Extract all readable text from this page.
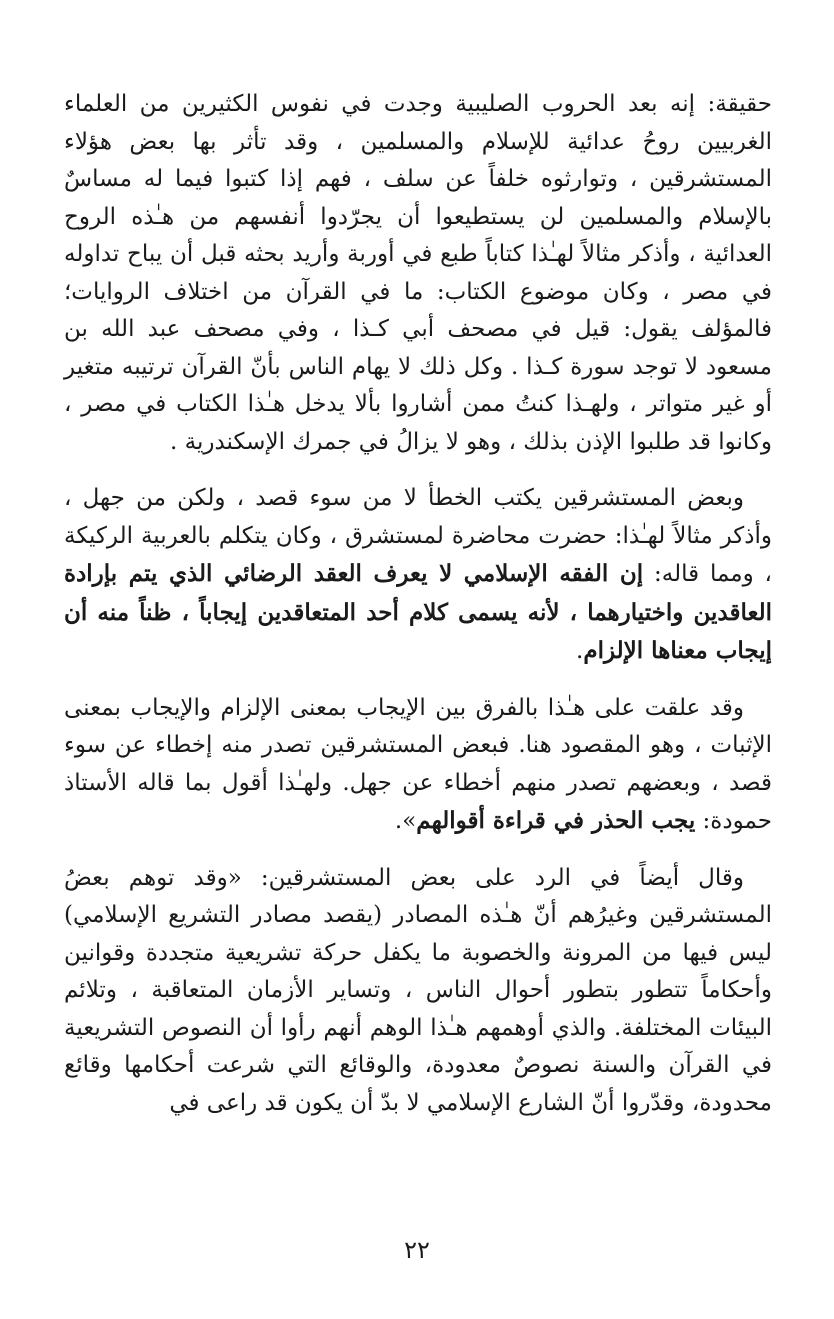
حقيقة: إنه بعد الحروب الصليبية وجدت في نفوس الكثيرين من العلماء الغربيين روحُ عدائية للإسلام والمسلمين ، وقد تأثر بها بعض هؤلاء المستشرقين ، وتوارثوه خلفاً عن سلف ، فهم إذا كتبوا فيما له مساسٌ بالإسلام والمسلمين لن يستطيعوا أن يجرّدوا أنفسهم من هـٰذه الروح العدائية ، وأذكر مثالاً لهـٰذا كتاباً طبع في أوربة وأريد بحثه قبل أن يباح تداوله في مصر ، وكان موضوع الكتاب: ما في القرآن من اختلاف الروايات؛ فالمؤلف يقول: قيل في مصحف أبي كـذا ، وفي مصحف عبد الله بن مسعود لا توجد سورة كـذا . وكل ذلك لا يهام الناس بأنّ القرآن ترتيبه متغير أو غير متواتر ، ولهـذا كنتُ ممن أشاروا بألا يدخل هـٰذا الكتاب في مصر ، وكانوا قد طلبوا الإذن بذلك ، وهو لا يزالُ في جمرك الإسكندرية .

وبعض المستشرقين يكتب الخطأ لا من سوء قصد ، ولكن من جهل ، وأذكر مثالاً لهـٰذا: حضرت محاضرة لمستشرق ، وكان يتكلم بالعربية الركيكة ، ومما قاله: إن الفقه الإسلامي لا يعرف العقد الرضائي الذي يتم بإرادة العاقدين واختيارهما ، لأنه يسمى كلام أحد المتعاقدين إيجاباً ، ظناً منه أن إيجاب معناها الإلزام.

وقد علقت على هـٰذا بالفرق بين الإيجاب بمعنى الإلزام والإيجاب بمعنى الإثبات ، وهو المقصود هنا. فبعض المستشرقين تصدر منه إخطاء عن سوء قصد ، وبعضهم تصدر منهم أخطاء عن جهل. ولهـٰذا أقول بما قاله الأستاذ حمودة: يجب الحذر في قراءة أقوالهم».

وقال أيضاً في الرد على بعض المستشرقين: «وقد توهم بعضُ المستشرقين وغيرُهم أنّ هـٰذه المصادر (يقصد مصادر التشريع الإسلامي) ليس فيها من المرونة والخصوبة ما يكفل حركة تشريعية متجددة وقوانين وأحكاماً تتطور بتطور أحوال الناس ، وتساير الأزمان المتعاقبة ، وتلائم البيئات المختلفة. والذي أوهمهم هـٰذا الوهم أنهم رأوا أن النصوص التشريعية في القرآن والسنة نصوصٌ معدودة، والوقائع التي شرعت أحكامها وقائع محدودة، وقدّروا أنّ الشارع الإسلامي لا بدّ أن يكون قد راعى في

٢٢
